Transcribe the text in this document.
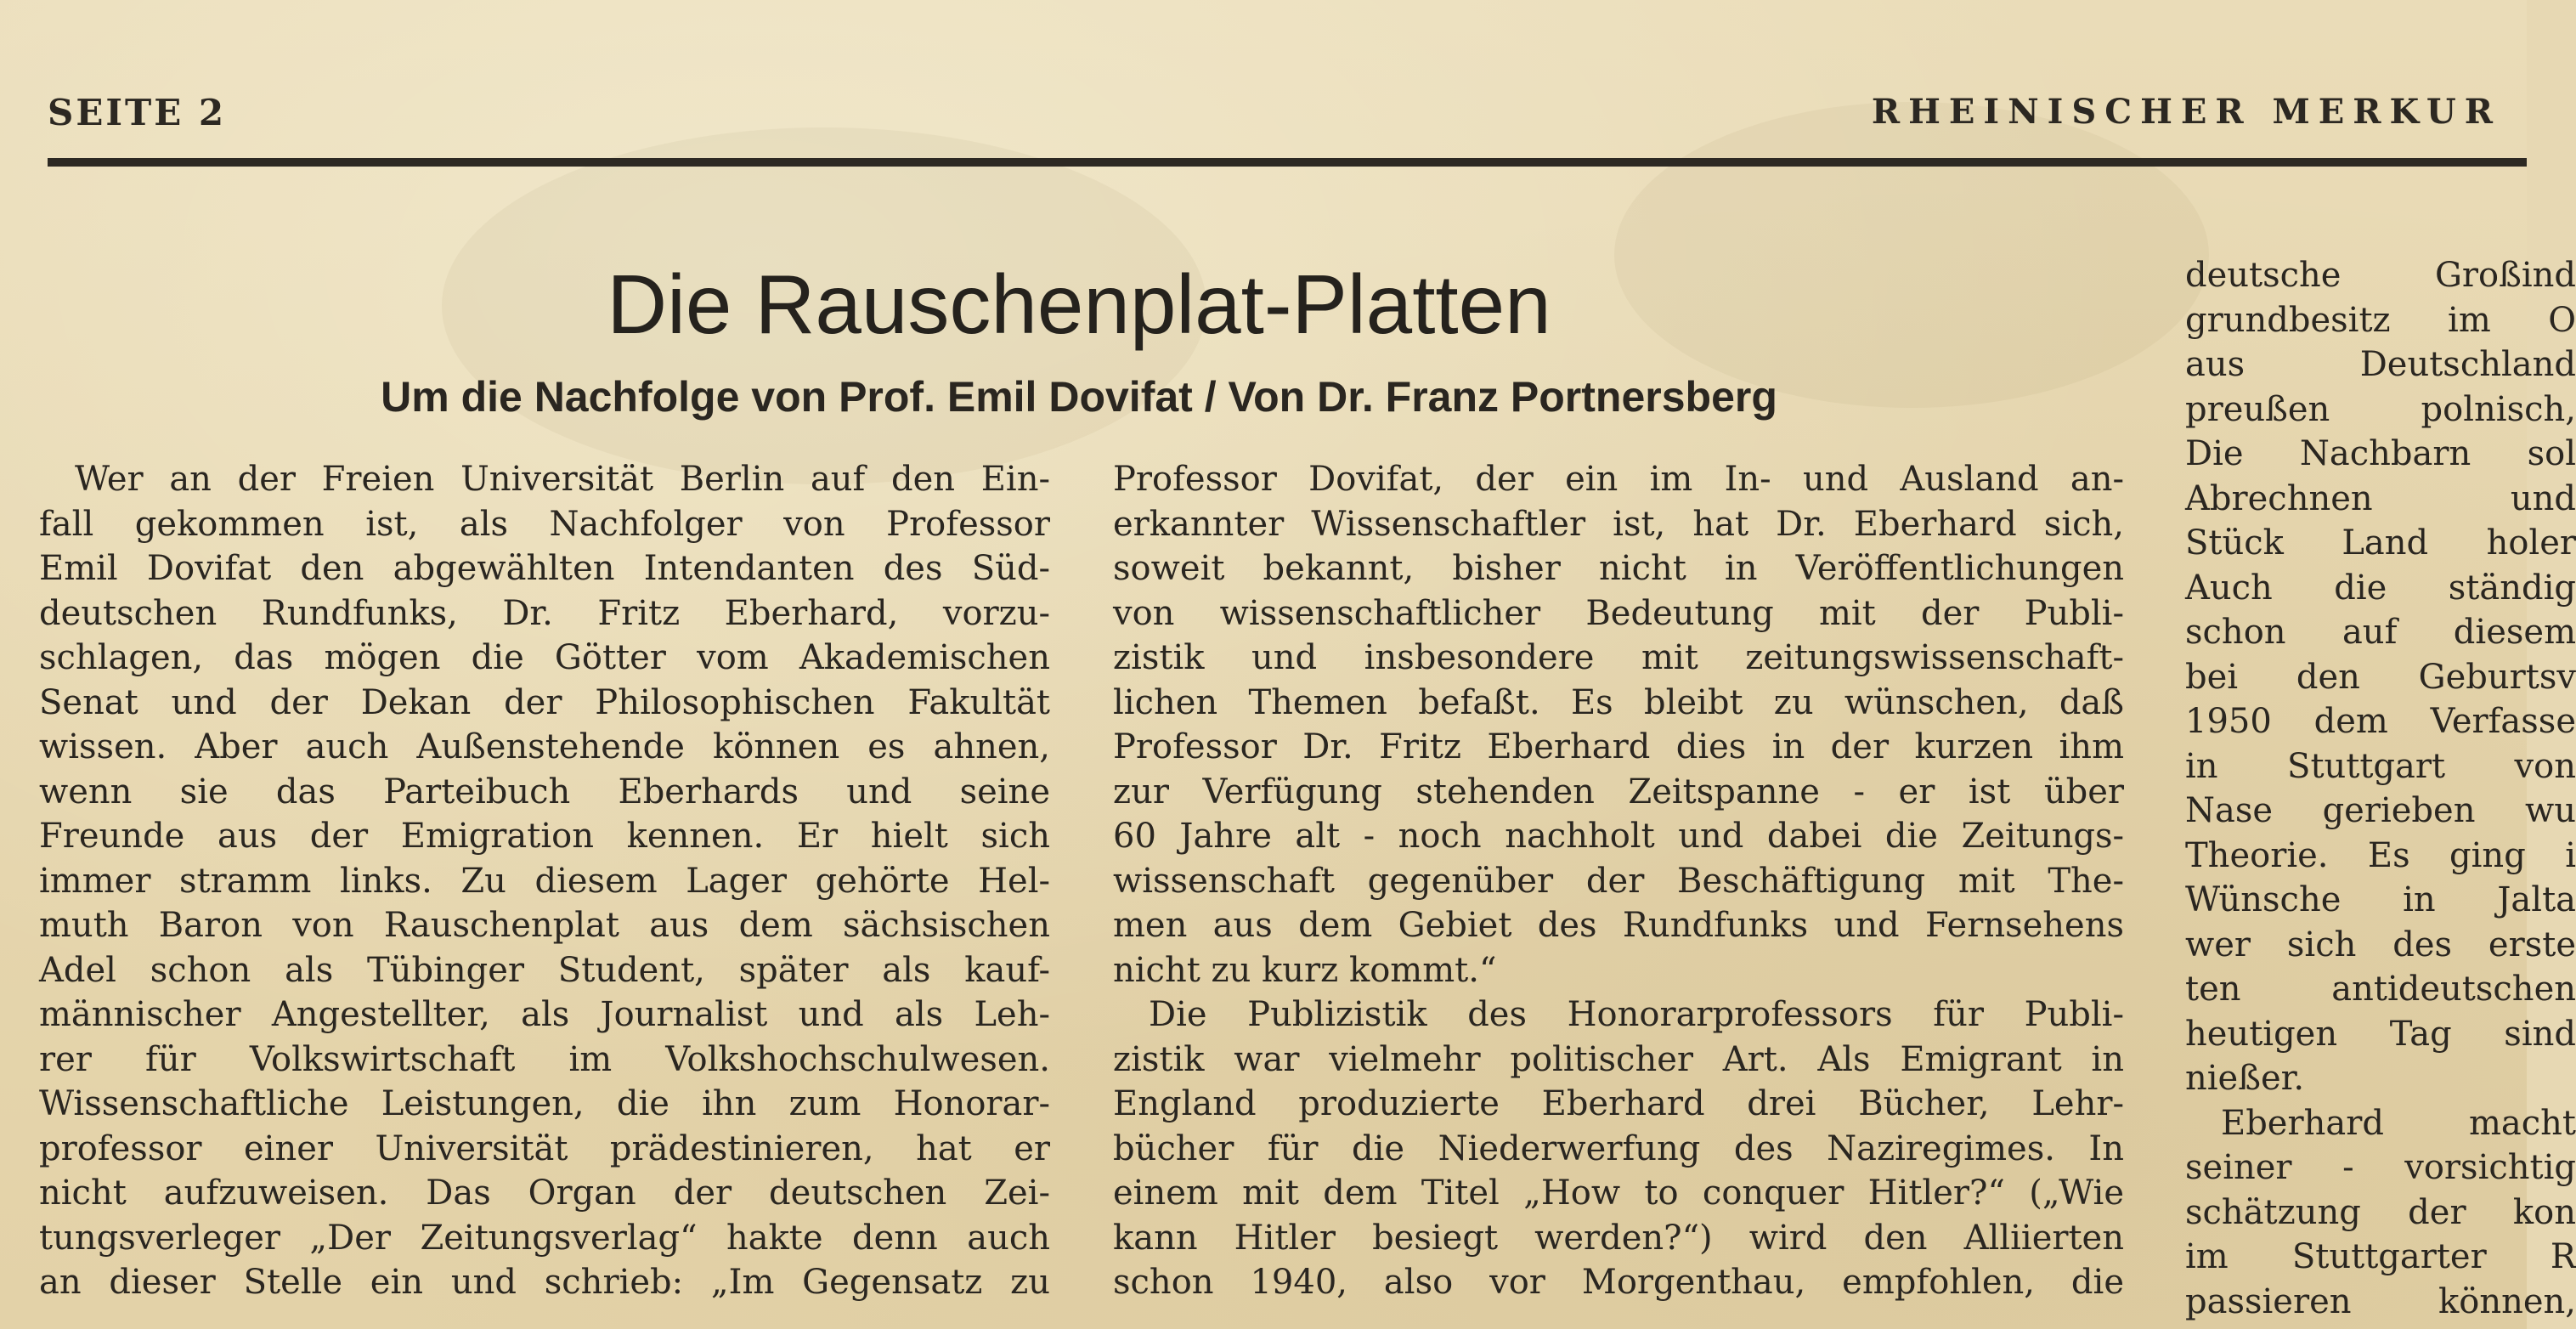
SEITE 2	RHEINISCHER MERKUR
Die Rauschenplat-Platten
Um die Nachfolge von Prof. Emil Dovifat / Von Dr. Franz Portnersberg
Wer an der Freien Universität Berlin auf den Ein-
fall gekommen ist, als Nachfolger von Professor
Emil Dovifat den abgewählten Intendanten des Süd-
deutschen Rundfunks, Dr. Fritz Eberhard, vorzu-
schlagen, das mögen die Götter vom Akademischen
Senat und der Dekan der Philosophischen Fakultät
wissen. Aber auch Außenstehende können es ahnen,
wenn sie das Parteibuch Eberhards und seine
Freunde aus der Emigration kennen. Er hielt sich
immer stramm links. Zu diesem Lager gehörte Hel-
muth Baron von Rauschenplat aus dem sächsischen
Adel schon als Tübinger Student, später als kauf-
männischer Angestellter, als Journalist und als Leh-
rer für Volkswirtschaft im Volkshochschulwesen.
Wissenschaftliche Leistungen, die ihn zum Honorar-
professor einer Universität prädestinieren, hat er
nicht aufzuweisen. Das Organ der deutschen Zei-
tungsverleger „Der Zeitungsverlag“ hakte denn auch
an dieser Stelle ein und schrieb: „Im Gegensatz zu
Professor Dovifat, der ein im In- und Ausland an-
erkannter Wissenschaftler ist, hat Dr. Eberhard sich,
soweit bekannt, bisher nicht in Veröffentlichungen
von wissenschaftlicher Bedeutung mit der Publi-
zistik und insbesondere mit zeitungswissenschaft-
lichen Themen befaßt. Es bleibt zu wünschen, daß
Professor Dr. Fritz Eberhard dies in der kurzen ihm
zur Verfügung stehenden Zeitspanne - er ist über
60 Jahre alt - noch nachholt und dabei die Zeitungs-
wissenschaft gegenüber der Beschäftigung mit The-
men aus dem Gebiet des Rundfunks und Fernsehens
nicht zu kurz kommt.“
Die Publizistik des Honorarprofessors für Publi-
zistik war vielmehr politischer Art. Als Emigrant in
England produzierte Eberhard drei Bücher, Lehr-
bücher für die Niederwerfung des Naziregimes. In
einem mit dem Titel „How to conquer Hitler?“ („Wie
kann Hitler besiegt werden?“) wird den Alliierten
schon 1940, also vor Morgenthau, empfohlen, die
deutsche Großind
grundbesitz im O
aus Deutschland
preußen polnisch,
Die Nachbarn sol
Abrechnen und
Stück Land holer
Auch die ständig
schon auf diesem
bei den Geburtsv
1950 dem Verfasse
in Stuttgart von
Nase gerieben wu
Theorie. Es ging i
Wünsche in Jalta
wer sich des erste
ten antideutschen
heutigen Tag sind
nießer.
Eberhard macht
seiner - vorsichtig
schätzung der kon
im Stuttgarter R
passieren können,
